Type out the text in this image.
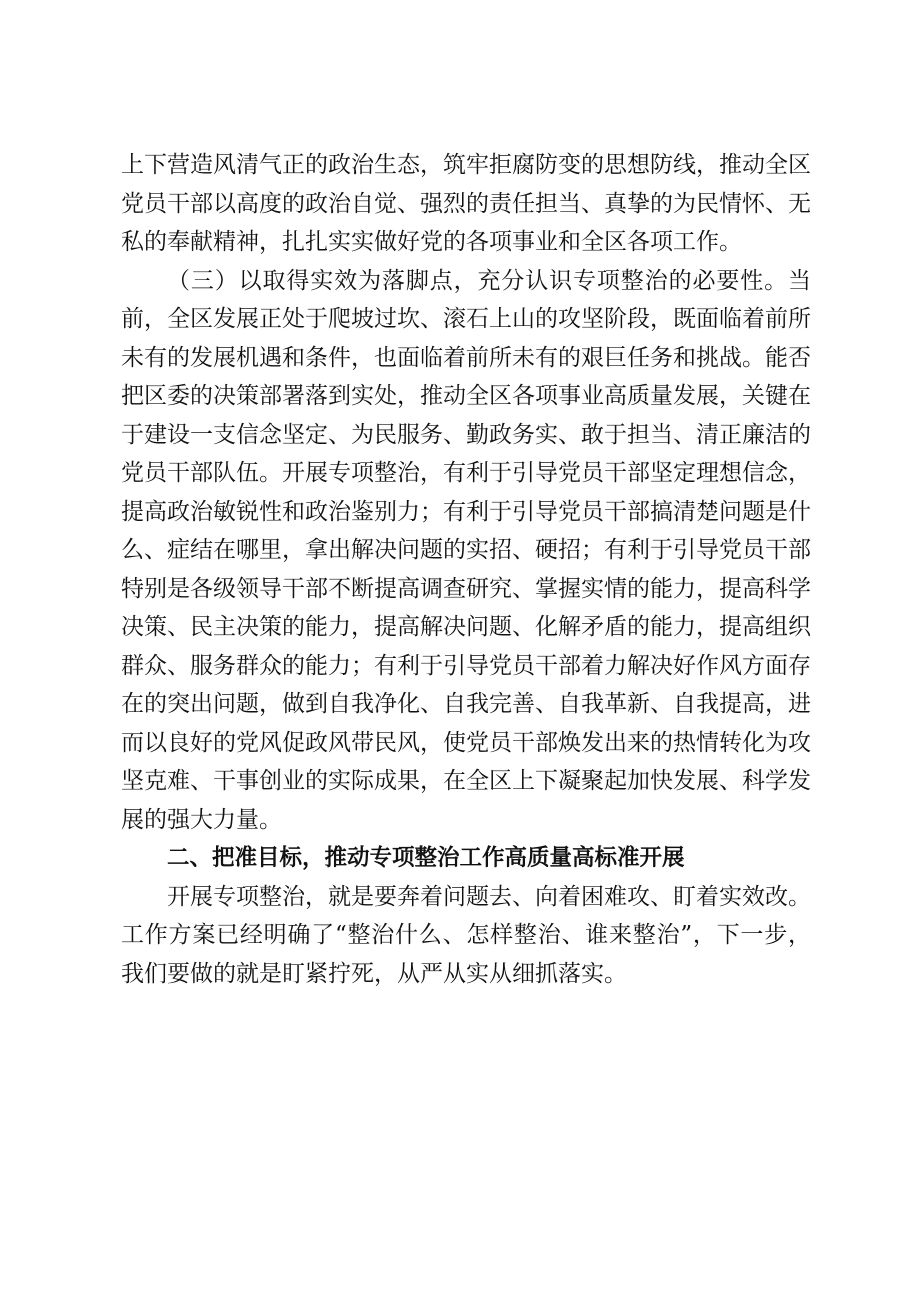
上下营造风清气正的政治生态，筑牢拒腐防变的思想防线，推动全区
党员干部以高度的政治自觉、强烈的责任担当、真挚的为民情怀、无
私的奉献精神，扎扎实实做好党的各项事业和全区各项工作。
（三）以取得实效为落脚点，充分认识专项整治的必要性。当
前，全区发展正处于爬坡过坎、滚石上山的攻坚阶段，既面临着前所
未有的发展机遇和条件，也面临着前所未有的艰巨任务和挑战。能否
把区委的决策部署落到实处，推动全区各项事业高质量发展，关键在
于建设一支信念坚定、为民服务、勤政务实、敢于担当、清正廉洁的
党员干部队伍。开展专项整治，有利于引导党员干部坚定理想信念，
提高政治敏锐性和政治鉴别力；有利于引导党员干部搞清楚问题是什
么、症结在哪里，拿出解决问题的实招、硬招；有利于引导党员干部
特别是各级领导干部不断提高调查研究、掌握实情的能力，提高科学
决策、民主决策的能力，提高解决问题、化解矛盾的能力，提高组织
群众、服务群众的能力；有利于引导党员干部着力解决好作风方面存
在的突出问题，做到自我净化、自我完善、自我革新、自我提高，进
而以良好的党风促政风带民风，使党员干部焕发出来的热情转化为攻
坚克难、干事创业的实际成果，在全区上下凝聚起加快发展、科学发
展的强大力量。
二、把准目标，推动专项整治工作高质量高标准开展
开展专项整治，就是要奔着问题去、向着困难攻、盯着实效改。
工作方案已经明确了“整治什么、怎样整治、谁来整治”，下一步，
我们要做的就是盯紧拧死，从严从实从细抓落实。
